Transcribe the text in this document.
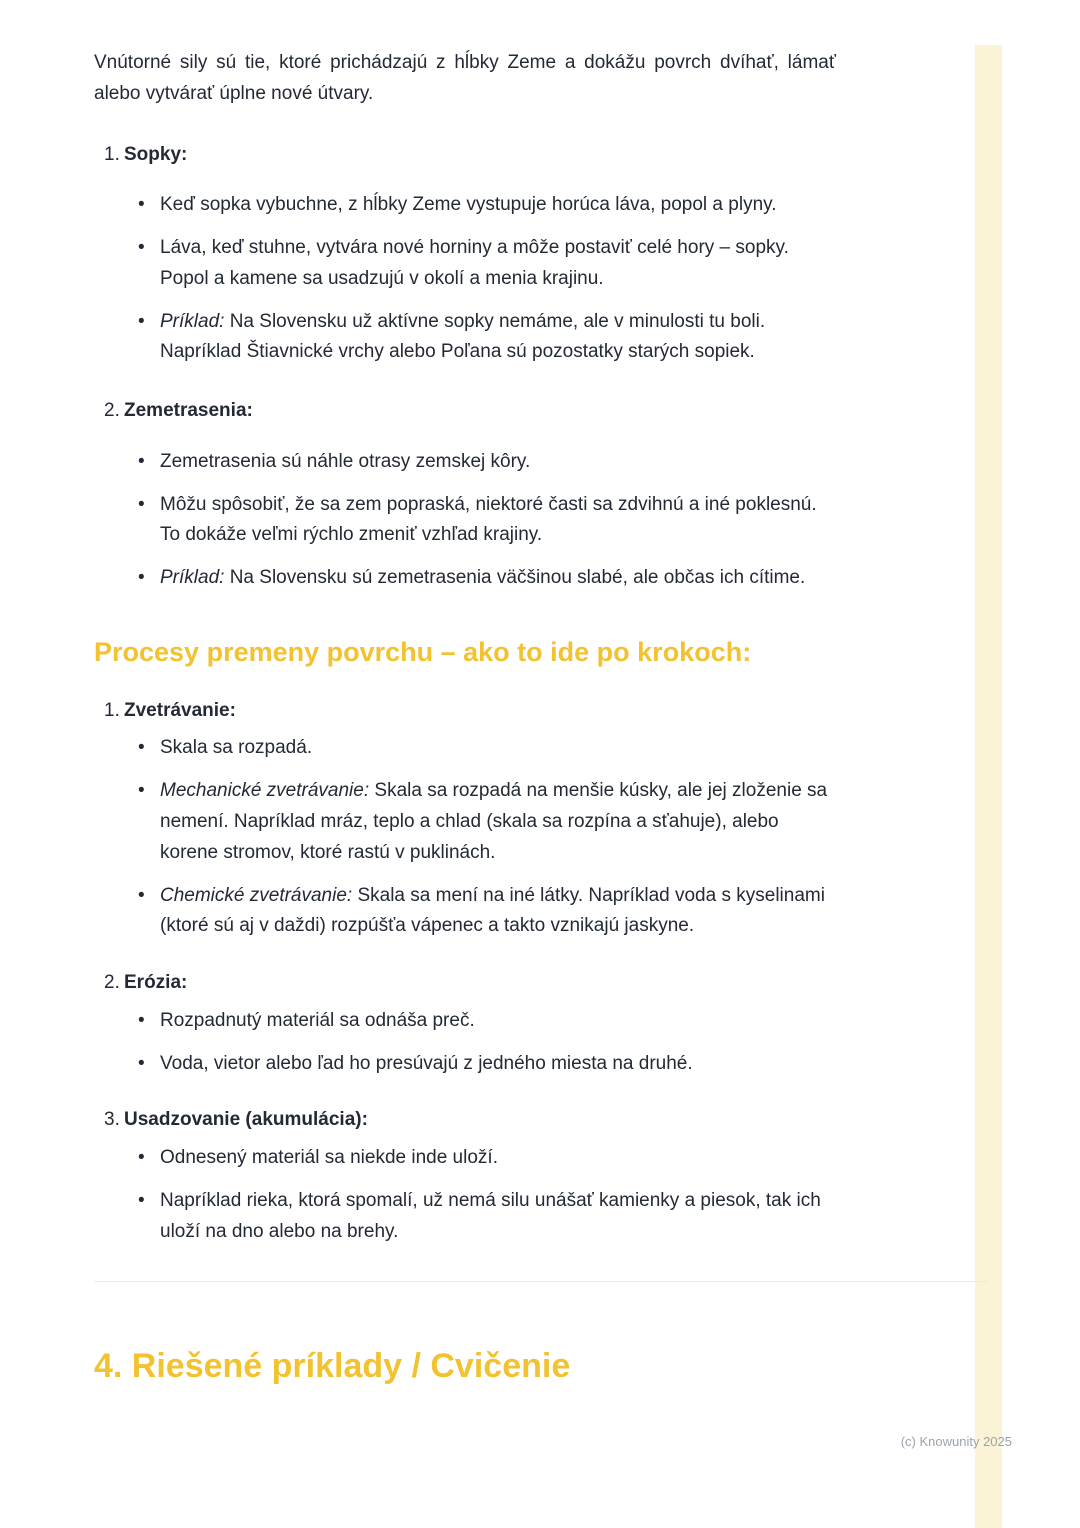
Vnútorné sily sú tie, ktoré prichádzajú z hĺbky Zeme a dokážu povrch dvíhať, lámať alebo vytvárať úplne nové útvary.

1.Sopky:
• Keď sopka vybuchne, z hĺbky Zeme vystupuje horúca láva, popol a plyny.
• Láva, keď stuhne, vytvára nové horniny a môže postaviť celé hory – sopky. Popol a kamene sa usadzujú v okolí a menia krajinu.
• Príklad: Na Slovensku už aktívne sopky nemáme, ale v minulosti tu boli. Napríklad Štiavnické vrchy alebo Poľana sú pozostatky starých sopiek.
2.Zemetrasenia:
• Zemetrasenia sú náhle otrasy zemskej kôry.
• Môžu spôsobiť, že sa zem popraská, niektoré časti sa zdvihnú a iné poklesnú. To dokáže veľmi rýchlo zmeniť vzhľad krajiny.
• Príklad: Na Slovensku sú zemetrasenia väčšinou slabé, ale občas ich cítime.
Procesy premeny povrchu – ako to ide po krokoch:
1.Zvetrávanie:
• Skala sa rozpadá.
• Mechanické zvetrávanie: Skala sa rozpadá na menšie kúsky, ale jej zloženie sa nemení. Napríklad mráz, teplo a chlad (skala sa rozpína a sťahuje), alebo korene stromov, ktoré rastú v puklinách.
• Chemické zvetrávanie: Skala sa mení na iné látky. Napríklad voda s kyselinami (ktoré sú aj v daždi) rozpúšťa vápenec a takto vznikajú jaskyne.
2.Erózia:
• Rozpadnutý materiál sa odnáša preč.
• Voda, vietor alebo ľad ho presúvajú z jedného miesta na druhé.
3.Usadzovanie (akumulácia):
• Odnesený materiál sa niekde inde uloží.
• Napríklad rieka, ktorá spomalí, už nemá silu unášať kamienky a piesok, tak ich uloží na dno alebo na brehy.
4. Riešené príklady / Cvičenie
(c) Knowunity 2025
